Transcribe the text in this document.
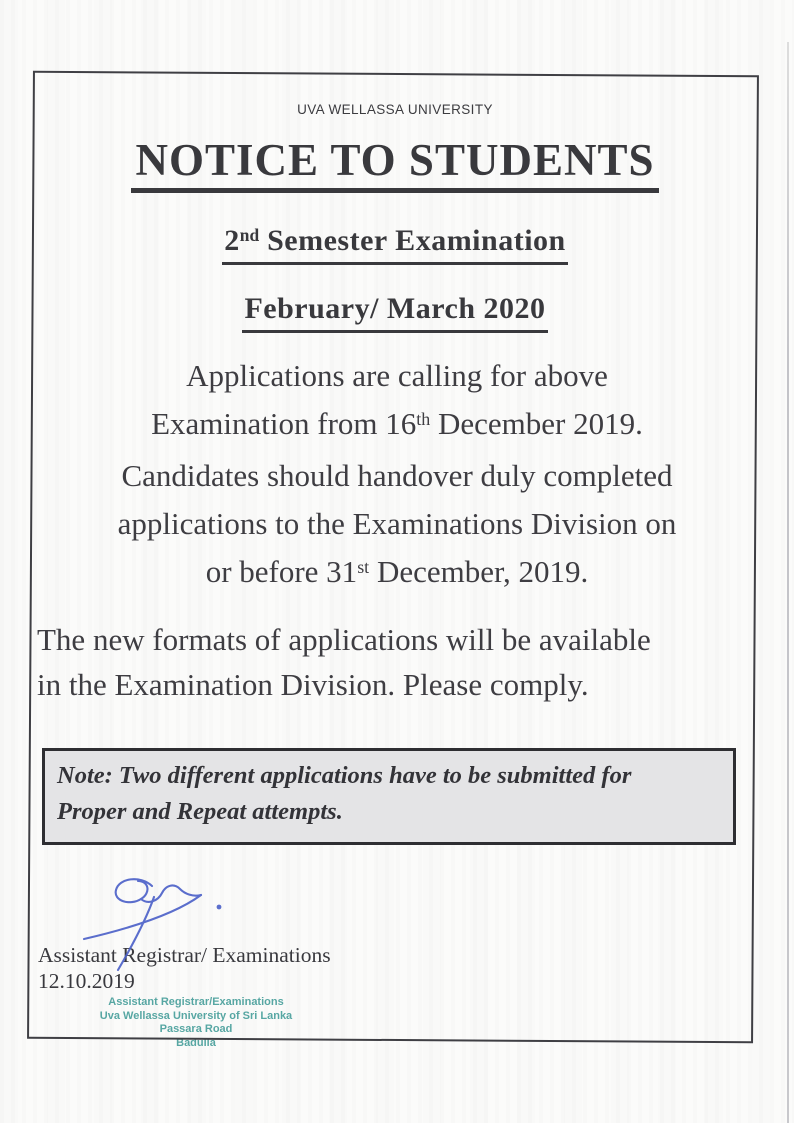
UVA WELLASSA UNIVERSITY
NOTICE TO STUDENTS
2nd Semester Examination
February/ March 2020
Applications are calling for above
Examination from 16th December 2019.
Candidates should handover duly completed
applications to the Examinations Division on
or before 31st December, 2019.
The new formats of applications will be available
in the Examination Division. Please comply.
Note: Two different applications have to be submitted for
Proper and Repeat attempts.
Assistant Registrar/ Examinations
12.10.2019
Assistant Registrar/Examinations
Uva Wellassa University of Sri Lanka
Passara Road
Badulla
